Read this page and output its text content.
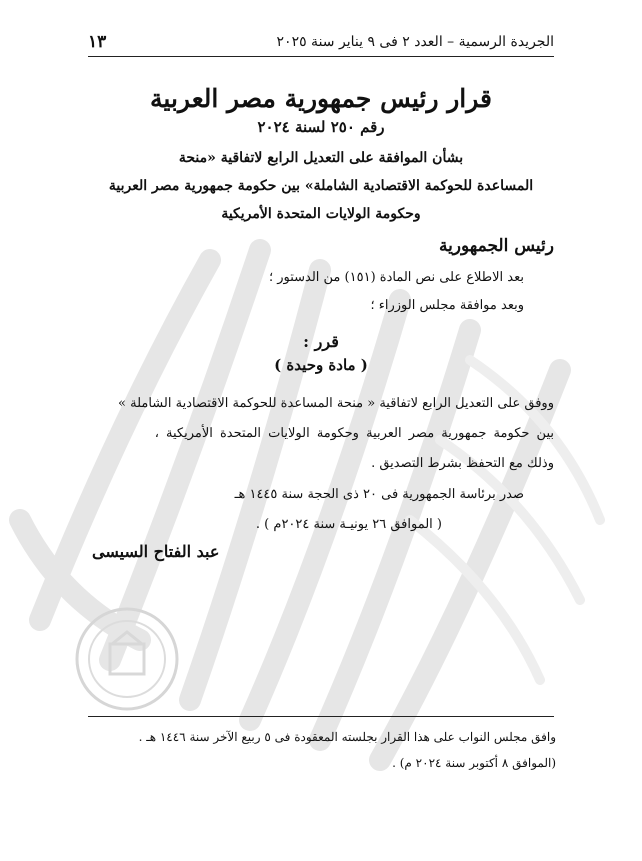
١٣	الجريدة الرسمية – العدد ٢ فى ٩ يناير سنة ٢٠٢٥
قرار رئيس جمهورية مصر العربية
رقم ٢٥٠ لسنة ٢٠٢٤
بشأن الموافقة على التعديل الرابع لاتفاقية «منحة
المساعدة للحوكمة الاقتصادية الشاملة» بين حكومة جمهورية مصر العربية
وحكومة الولايات المتحدة الأمريكية
رئيس الجمهورية
بعد الاطلاع على نص المادة (١٥١) من الدستور ؛
وبعد موافقة مجلس الوزراء ؛
قرر :
( مادة وحيدة )
ووفق على التعديل الرابع لاتفاقية « منحة المساعدة للحوكمة الاقتصادية الشاملة »
بين حكومة جمهورية مصر العربية وحكومة الولايات المتحدة الأمريكية ،
وذلك مع التحفظ بشرط التصديق .
صدر برئاسة الجمهورية فى ٢٠ ذى الحجة سنة ١٤٤٥ هـ
( الموافق ٢٦ يونيـة سنة ٢٠٢٤م ) .
عبد الفتاح السيسى
وافق مجلس النواب على هذا القرار بجلسته المعقودة فى ٥ ربيع الآخر سنة ١٤٤٦ هـ .
(الموافق ٨ أكتوبر سنة ٢٠٢٤ م) .
